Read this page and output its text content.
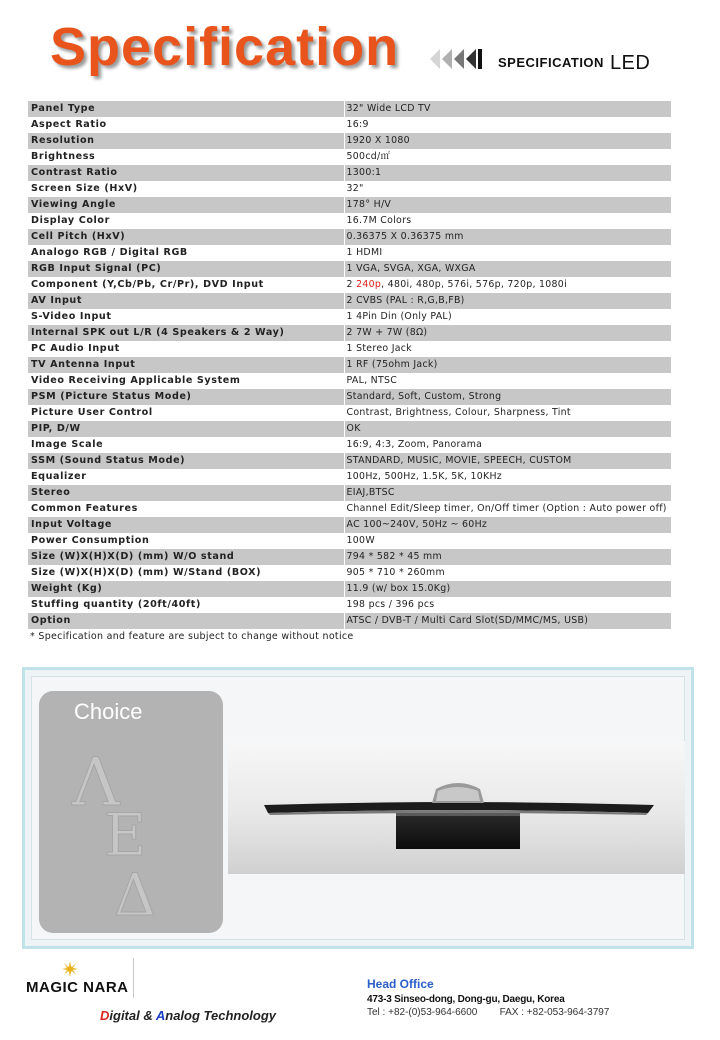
Specification	SPECIFICATION LED
Panel Type	32" Wide LCD TV
Aspect Ratio	16:9
Resolution	1920 X 1080
Brightness	500cd/㎡
Contrast Ratio	1300:1
Screen Size (HxV)	32"
Viewing Angle	178° H/V
Display Color	16.7M Colors
Cell Pitch (HxV)	0.36375 X 0.36375 mm
Analogo RGB / Digital RGB	1 HDMI
RGB Input Signal (PC)	1 VGA, SVGA, XGA, WXGA
Component (Y,Cb/Pb, Cr/Pr), DVD Input	2 240p, 480i, 480p, 576i, 576p, 720p, 1080i
AV Input	2 CVBS (PAL : R,G,B,FB)
S-Video Input	1 4Pin Din (Only PAL)
Internal SPK out L/R (4 Speakers & 2 Way)	2 7W + 7W (8Ω)
PC Audio Input	1 Stereo Jack
TV Antenna Input	1 RF (75ohm Jack)
Video Receiving Applicable System	PAL, NTSC
PSM (Picture Status Mode)	Standard, Soft, Custom, Strong
Picture User Control	Contrast, Brightness, Colour, Sharpness, Tint
PIP, D/W	OK
Image Scale	16:9, 4:3, Zoom, Panorama
SSM (Sound Status Mode)	STANDARD, MUSIC, MOVIE, SPEECH, CUSTOM
Equalizer	100Hz, 500Hz, 1.5K, 5K, 10KHz
Stereo	EIAJ,BTSC
Common Features	Channel Edit/Sleep timer, On/Off timer (Option : Auto power off)
Input Voltage	AC 100~240V, 50Hz ~ 60Hz
Power Consumption	100W
Size (W)X(H)X(D) (mm) W/O stand	794 * 582 * 45 mm
Size (W)X(H)X(D) (mm) W/Stand (BOX)	905 * 710 * 260mm
Weight (Kg)	11.9 (w/ box 15.0Kg)
Stuffing quantity (20ft/40ft)	198 pcs / 396 pcs
Option	ATSC / DVB-T / Multi Card Slot(SD/MMC/MS, USB)
* Specification and feature are subject to change without notice
Choice
Λ
E
Δ
MAGIC NARA
Digital & Analog Technology
Head Office
473-3 Sinseo-dong, Dong-gu, Daegu, Korea
Tel : +82-(0)53-964-6600        FAX : +82-053-964-3797
